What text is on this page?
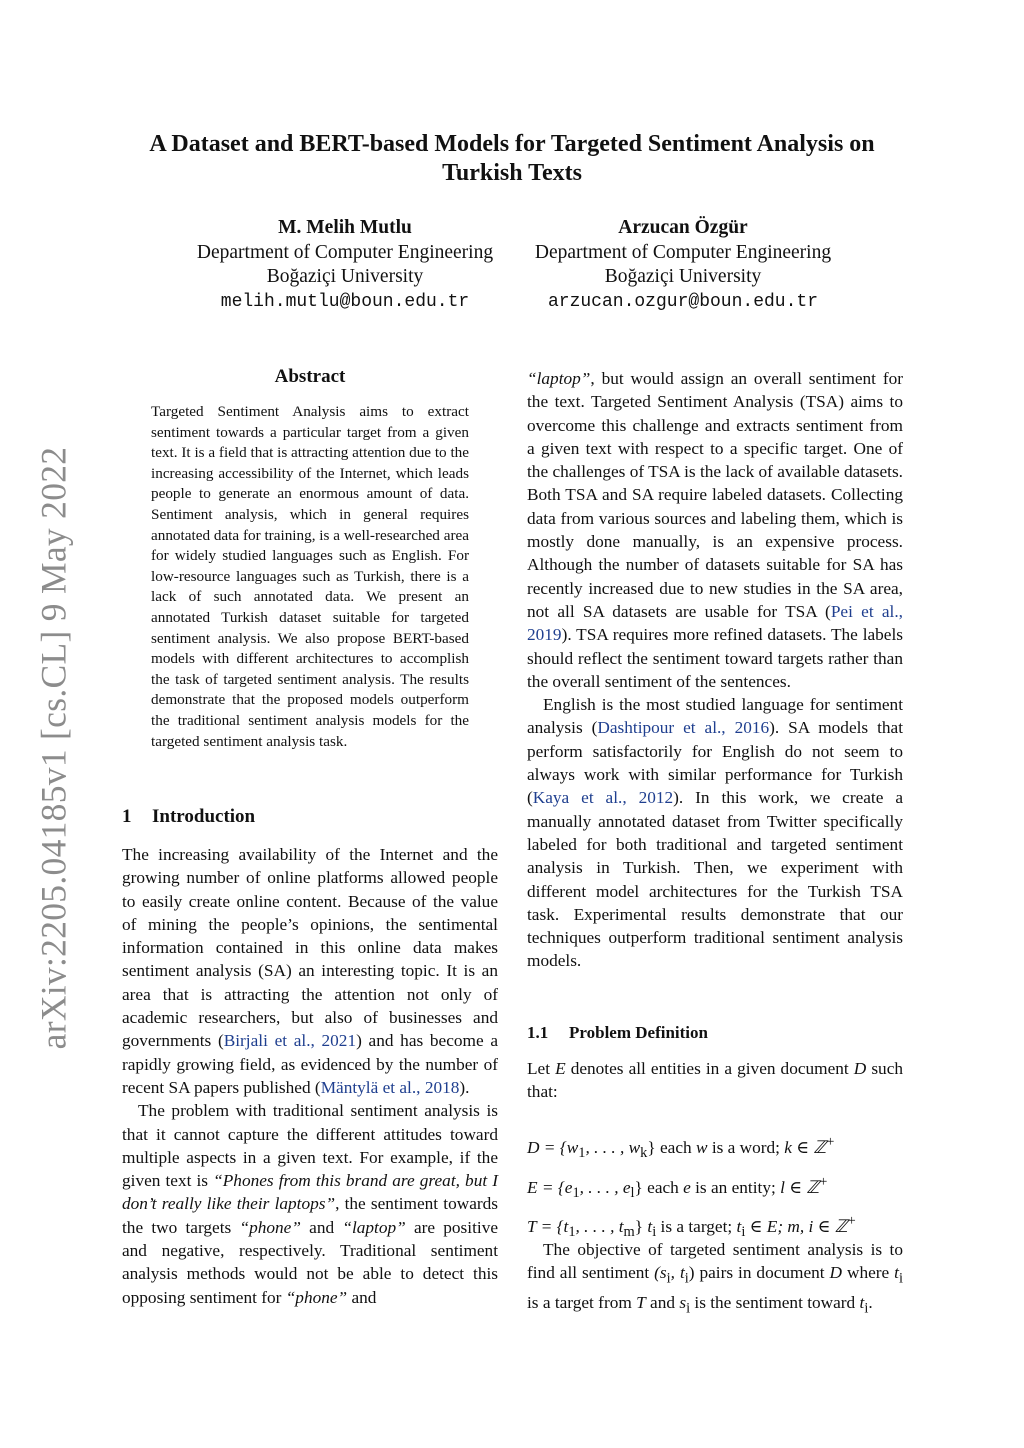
arXiv:2205.04185v1 [cs.CL] 9 May 2022
A Dataset and BERT-based Models for Targeted Sentiment Analysis on Turkish Texts
M. Melih Mutlu
Department of Computer Engineering
Boğaziçi University
melih.mutlu@boun.edu.tr
Arzucan Özgür
Department of Computer Engineering
Boğaziçi University
arzucan.ozgur@boun.edu.tr
Abstract

Targeted Sentiment Analysis aims to extract sentiment towards a particular target from a given text. It is a field that is attracting attention due to the increasing accessibility of the Internet, which leads people to generate an enormous amount of data. Sentiment analysis, which in general requires annotated data for training, is a well-researched area for widely studied languages such as English. For low-resource languages such as Turkish, there is a lack of such annotated data. We present an annotated Turkish dataset suitable for targeted sentiment analysis. We also propose BERT-based models with different architectures to accomplish the task of targeted sentiment analysis. The results demonstrate that the proposed models outperform the traditional sentiment analysis models for the targeted sentiment analysis task.

1 Introduction

The increasing availability of the Internet and the growing number of online platforms allowed people to easily create online content. Because of the value of mining the people’s opinions, the sentimental information contained in this online data makes sentiment analysis (SA) an interesting topic. It is an area that is attracting the attention not only of academic researchers, but also of businesses and governments (Birjali et al., 2021) and has become a rapidly growing field, as evidenced by the number of recent SA papers published (Mäntylä et al., 2018).

The problem with traditional sentiment analysis is that it cannot capture the different attitudes toward multiple aspects in a given text. For example, if the given text is “Phones from this brand are great, but I don’t really like their laptops”, the sentiment towards the two targets “phone” and “laptop” are positive and negative, respectively. Traditional sentiment analysis methods would not be able to detect this opposing sentiment for “phone” and

“laptop”, but would assign an overall sentiment for the text. Targeted Sentiment Analysis (TSA) aims to overcome this challenge and extracts sentiment from a given text with respect to a specific target. One of the challenges of TSA is the lack of available datasets. Both TSA and SA require labeled datasets. Collecting data from various sources and labeling them, which is mostly done manually, is an expensive process. Although the number of datasets suitable for SA has recently increased due to new studies in the SA area, not all SA datasets are usable for TSA (Pei et al., 2019). TSA requires more refined datasets. The labels should reflect the sentiment toward targets rather than the overall sentiment of the sentences.

English is the most studied language for sentiment analysis (Dashtipour et al., 2016). SA models that perform satisfactorily for English do not seem to always work with similar performance for Turkish (Kaya et al., 2012). In this work, we create a manually annotated dataset from Twitter specifically labeled for both traditional and targeted sentiment analysis in Turkish. Then, we experiment with different model architectures for the Turkish TSA task. Experimental results demonstrate that our techniques outperform traditional sentiment analysis models.

1.1 Problem Definition

Let E denotes all entities in a given document D such that:

$D = \{w_1$, . . . , $w_k$} each w is a word; k ∈ ℤ+
$E = \{e_1$, . . . , $e_l$} each e is an entity; l ∈ ℤ+
$T = \{t_1$, . . . , $t_m$} $t_i$ is a target; $t_i$ ∈ E; m, i ∈ ℤ+

The objective of targeted sentiment analysis is to find all sentiment ($s_i$, $t_i$) pairs in document D where $t_i$ is a target from T and $s_i$ is the sentiment toward $t_i$.
